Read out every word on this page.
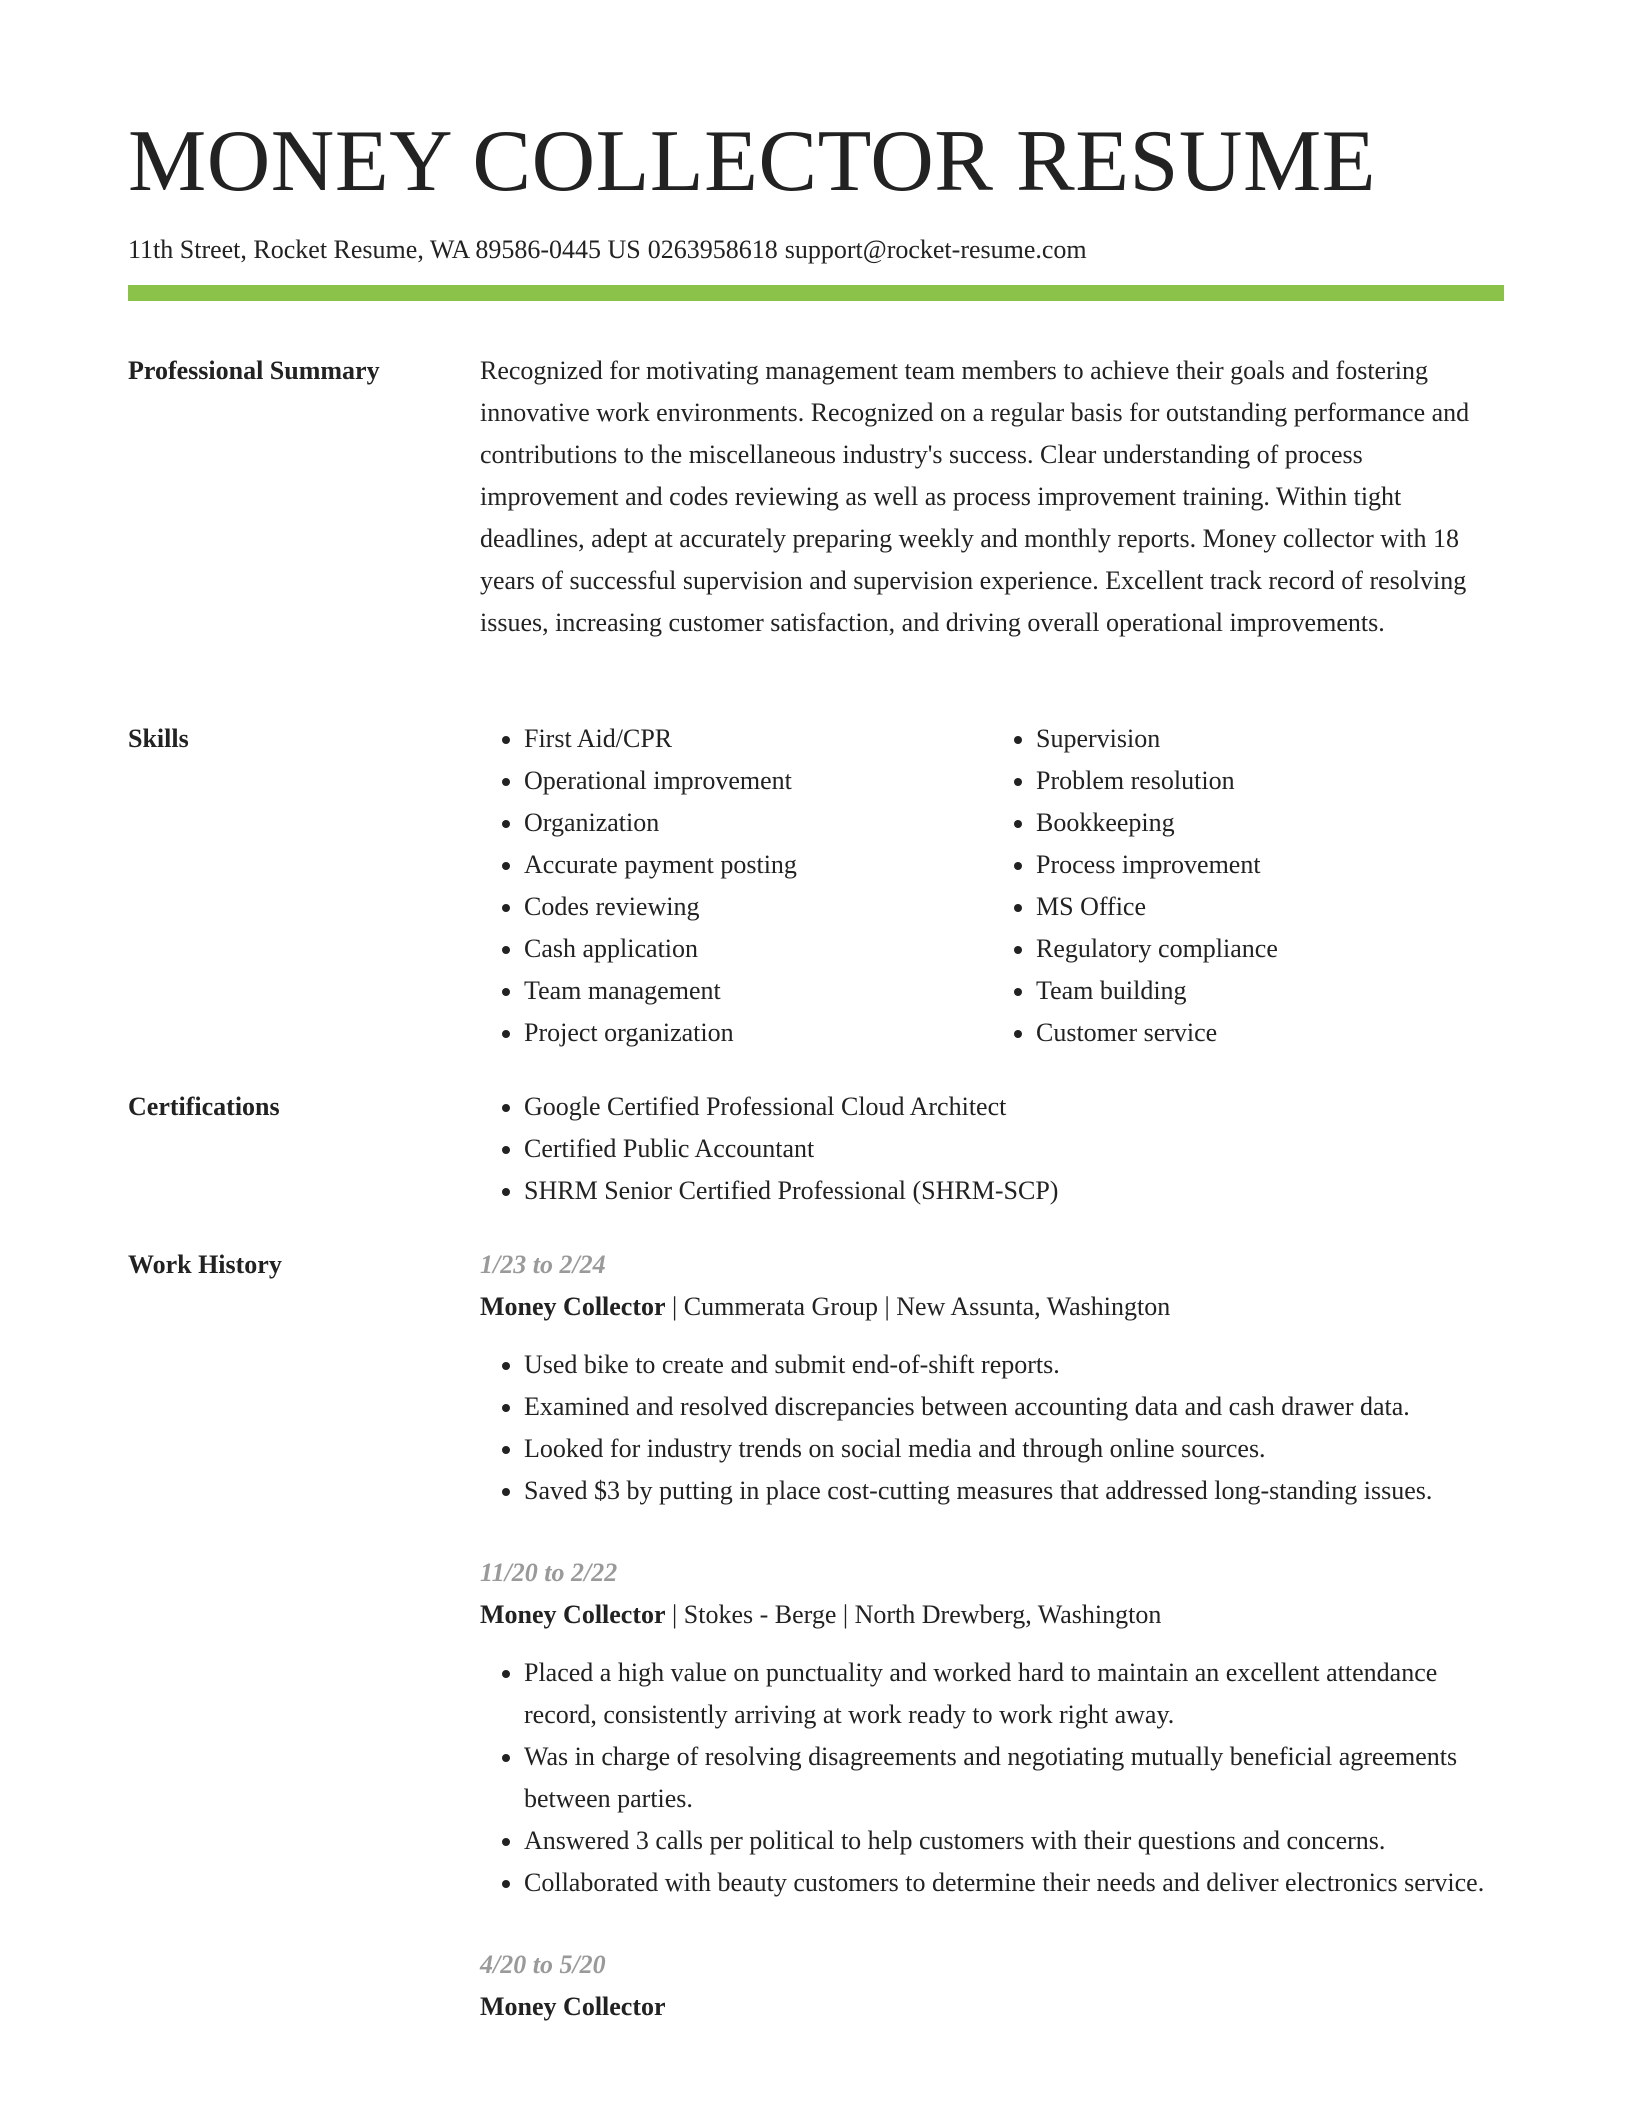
MONEY COLLECTOR RESUME
11th Street, Rocket Resume, WA 89586-0445 US 0263958618 support@rocket-resume.com
Professional Summary	Recognized for motivating management team members to achieve their goals and fostering innovative work environments. Recognized on a regular basis for outstanding performance and contributions to the miscellaneous industry's success. Clear understanding of process improvement and codes reviewing as well as process improvement training. Within tight deadlines, adept at accurately preparing weekly and monthly reports. Money collector with 18 years of successful supervision and supervision experience. Excellent track record of resolving issues, increasing customer satisfaction, and driving overall operational improvements.

Skills	• First Aid/CPR
• Operational improvement
• Organization
• Accurate payment posting
• Codes reviewing
• Cash application
• Team management
• Project organization
• Supervision
• Problem resolution
• Bookkeeping
• Process improvement
• MS Office
• Regulatory compliance
• Team building
• Customer service
Certifications	• Google Certified Professional Cloud Architect
• Certified Public Accountant
• SHRM Senior Certified Professional (SHRM-SCP)
Work History	1/23 to 2/24
Money Collector | Cummerata Group | New Assunta, Washington
• Used bike to create and submit end-of-shift reports.
• Examined and resolved discrepancies between accounting data and cash drawer data.
• Looked for industry trends on social media and through online sources.
• Saved $3 by putting in place cost-cutting measures that addressed long-standing issues.
11/20 to 2/22
Money Collector | Stokes - Berge | North Drewberg, Washington
• Placed a high value on punctuality and worked hard to maintain an excellent attendance record, consistently arriving at work ready to work right away.
• Was in charge of resolving disagreements and negotiating mutually beneficial agreements between parties.
• Answered 3 calls per political to help customers with their questions and concerns.
• Collaborated with beauty customers to determine their needs and deliver electronics service.
4/20 to 5/20
Money Collector
